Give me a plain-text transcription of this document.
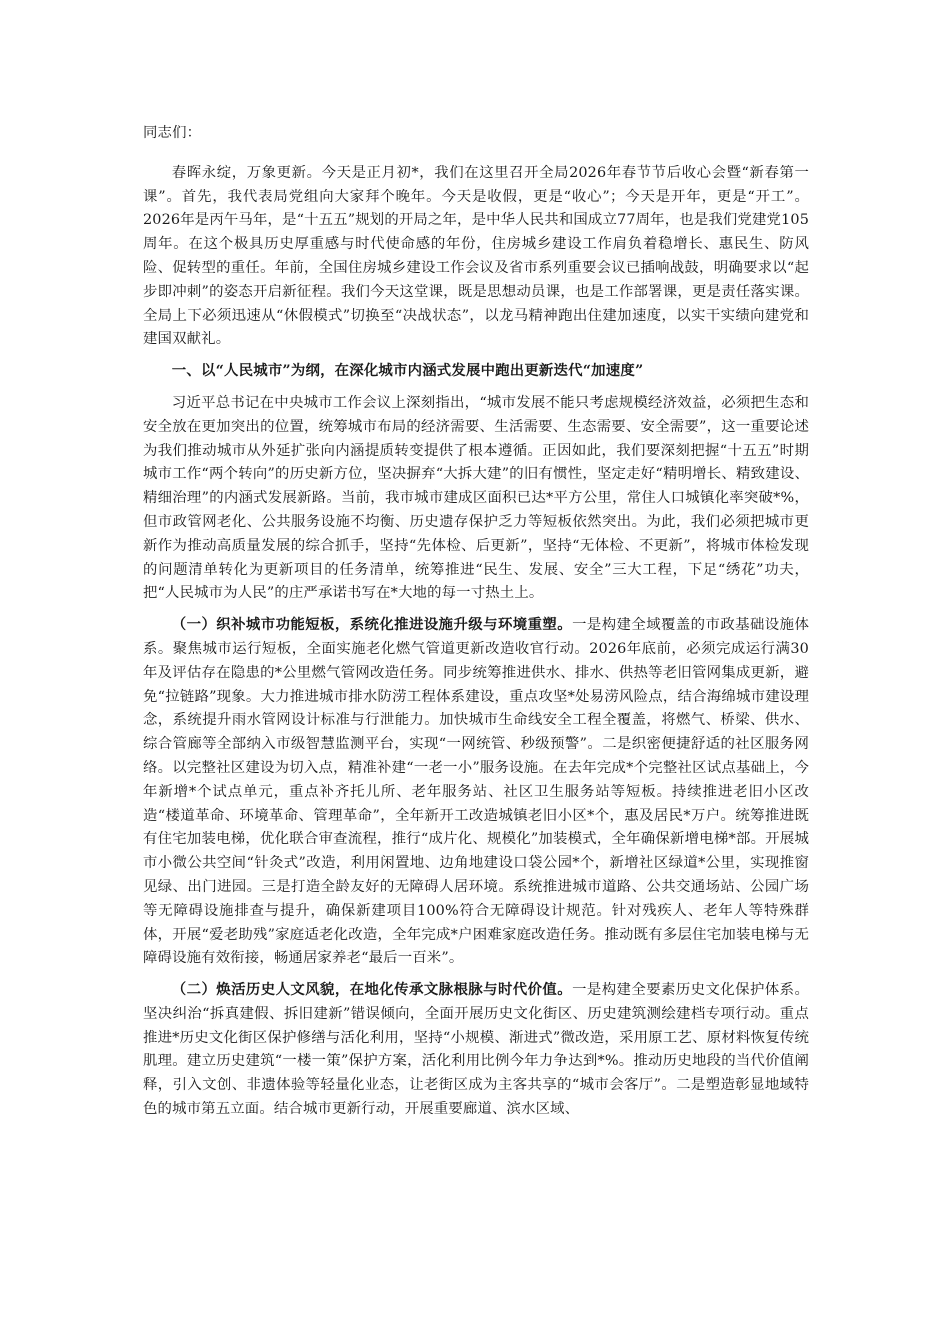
同志们：

春晖永绽，万象更新。今天是正月初*，我们在这里召开全局2026年春节节后收心会暨“新春第一课”。首先，我代表局党组向大家拜个晚年。今天是收假，更是“收心”；今天是开年，更是“开工”。2026年是丙午马年，是“十五五”规划的开局之年，是中华人民共和国成立77周年，也是我们党建党105周年。在这个极具历史厚重感与时代使命感的年份，住房城乡建设工作肩负着稳增长、惠民生、防风险、促转型的重任。年前，全国住房城乡建设工作会议及省市系列重要会议已插响战鼓，明确要求以“起步即冲刺”的姿态开启新征程。我们今天这堂课，既是思想动员课，也是工作部署课，更是责任落实课。全局上下必须迅速从“休假模式”切换至“决战状态”，以龙马精神跑出住建加速度，以实干实绩向建党和建国双献礼。

一、以“人民城市”为纲，在深化城市内涵式发展中跑出更新迭代“加速度”

习近平总书记在中央城市工作会议上深刻指出，“城市发展不能只考虑规模经济效益，必须把生态和安全放在更加突出的位置，统筹城市布局的经济需要、生活需要、生态需要、安全需要”，这一重要论述为我们推动城市从外延扩张向内涵提质转变提供了根本遵循。正因如此，我们要深刻把握“十五五”时期城市工作“两个转向”的历史新方位，坚决摒弃“大拆大建”的旧有惯性，坚定走好“精明增长、精致建设、精细治理”的内涵式发展新路。当前，我市城市建成区面积已达*平方公里，常住人口城镇化率突破*%，但市政管网老化、公共服务设施不均衡、历史遗存保护乏力等短板依然突出。为此，我们必须把城市更新作为推动高质量发展的综合抓手，坚持“先体检、后更新”，坚持“无体检、不更新”，将城市体检发现的问题清单转化为更新项目的任务清单，统筹推进“民生、发展、安全”三大工程，下足“绣花”功夫，把“人民城市为人民”的庄严承诺书写在*大地的每一寸热土上。

（一）织补城市功能短板，系统化推进设施升级与环境重塑。一是构建全域覆盖的市政基础设施体系。聚焦城市运行短板，全面实施老化燃气管道更新改造收官行动。2026年底前，必须完成运行满30年及评估存在隐患的*公里燃气管网改造任务。同步统筹推进供水、排水、供热等老旧管网集成更新，避免“拉链路”现象。大力推进城市排水防涝工程体系建设，重点攻坚*处易涝风险点，结合海绵城市建设理念，系统提升雨水管网设计标准与行泄能力。加快城市生命线安全工程全覆盖，将燃气、桥梁、供水、综合管廊等全部纳入市级智慧监测平台，实现“一网统管、秒级预警”。二是织密便捷舒适的社区服务网络。以完整社区建设为切入点，精准补建“一老一小”服务设施。在去年完成*个完整社区试点基础上，今年新增*个试点单元，重点补齐托儿所、老年服务站、社区卫生服务站等短板。持续推进老旧小区改造“楼道革命、环境革命、管理革命”，全年新开工改造城镇老旧小区*个，惠及居民*万户。统筹推进既有住宅加装电梯，优化联合审查流程，推行“成片化、规模化”加装模式，全年确保新增电梯*部。开展城市小微公共空间“针灸式”改造，利用闲置地、边角地建设口袋公园*个，新增社区绿道*公里，实现推窗见绿、出门进园。三是打造全龄友好的无障碍人居环境。系统推进城市道路、公共交通场站、公园广场等无障碍设施排查与提升，确保新建项目100%符合无障碍设计规范。针对残疾人、老年人等特殊群体，开展“爱老助残”家庭适老化改造，全年完成*户困难家庭改造任务。推动既有多层住宅加装电梯与无障碍设施有效衔接，畅通居家养老“最后一百米”。

（二）焕活历史人文风貌，在地化传承文脉根脉与时代价值。一是构建全要素历史文化保护体系。坚决纠治“拆真建假、拆旧建新”错误倾向，全面开展历史文化街区、历史建筑测绘建档专项行动。重点推进*历史文化街区保护修缮与活化利用，坚持“小规模、渐进式”微改造，采用原工艺、原材料恢复传统肌理。建立历史建筑“一楼一策”保护方案，活化利用比例今年力争达到*%。推动历史地段的当代价值阐释，引入文创、非遗体验等轻量化业态，让老街区成为主客共享的“城市会客厅”。二是塑造彰显地域特色的城市第五立面。结合城市更新行动，开展重要廊道、滨水区域、
